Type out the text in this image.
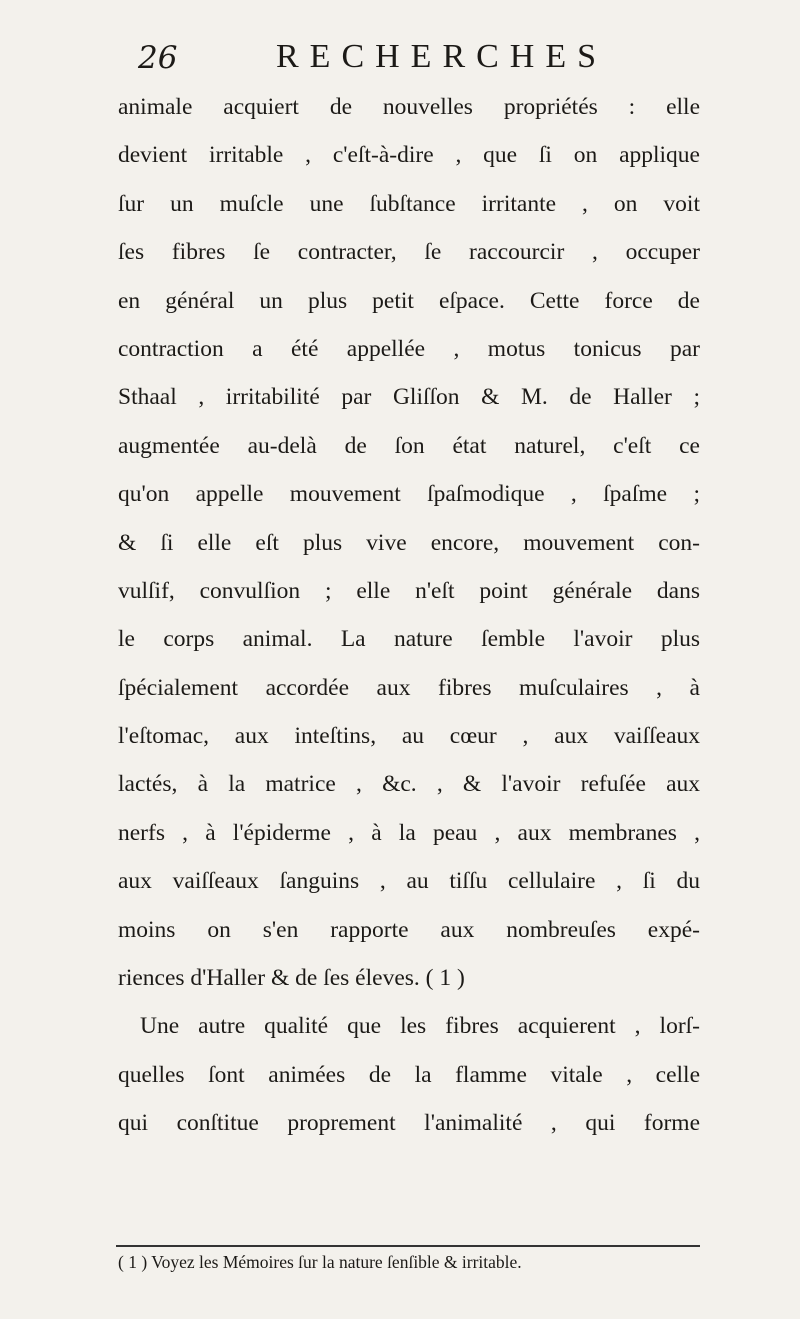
26	RECHERCHES
animale acquiert de nouvelles propriétés : elle
devient irritable , c'eſt-à-dire , que ſi on applique
ſur un muſcle une ſubſtance irritante , on voit
ſes fibres ſe contracter, ſe raccourcir , occuper
en général un plus petit eſpace. Cette force de
contraction a été appellée , motus tonicus par
Sthaal , irritabilité par Gliſſon & M. de Haller ;
augmentée au-delà de ſon état naturel, c'eſt ce
qu'on appelle mouvement ſpaſmodique , ſpaſme ;
& ſi elle eſt plus vive encore, mouvement con-
vulſif, convulſion ; elle n'eſt point générale dans
le corps animal. La nature ſemble l'avoir plus
ſpécialement accordée aux fibres muſculaires , à
l'eſtomac, aux inteſtins, au cœur , aux vaiſſeaux
lactés, à la matrice , &c. , & l'avoir refuſée aux
nerfs , à l'épiderme , à la peau , aux membranes ,
aux vaiſſeaux ſanguins , au tiſſu cellulaire , ſi du
moins on s'en rapporte aux nombreuſes expé-
riences d'Haller & de ſes éleves. ( 1 )
Une autre qualité que les fibres acquierent , lorſ-
quelles ſont animées de la flamme vitale , celle
qui conſtitue proprement l'animalité , qui forme
( 1 ) Voyez les Mémoires ſur la nature ſenſible & irritable.
